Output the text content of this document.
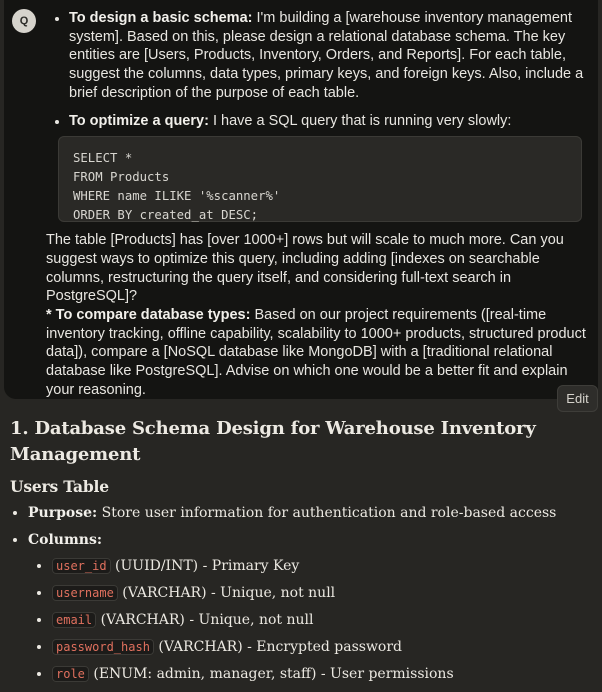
Q
•	To design a basic schema: I'm building a [warehouse inventory management system]. Based on this, please design a relational database schema. The key entities are [Users, Products, Inventory, Orders, and Reports]. For each table, suggest the columns, data types, primary keys, and foreign keys. Also, include a brief description of the purpose of each table.
• To optimize a query: I have a SQL query that is running very slowly:
SELECT *
FROM Products
WHERE name ILIKE '%scanner%'
ORDER BY created_at DESC;
The table [Products] has [over 1000+] rows but will scale to much more. Can you suggest ways to optimize this query, including adding [indexes on searchable columns, restructuring the query itself, and considering full-text search in PostgreSQL]?
* To compare database types: Based on our project requirements ([real-time inventory tracking, offline capability, scalability to 1000+ products, structured product data]), compare a [NoSQL database like MongoDB] with a [traditional relational database like PostgreSQL]. Advise on which one would be a better fit and explain your reasoning.
Edit
1. Database Schema Design for Warehouse Inventory Management
Users Table
• Purpose: Store user information for authentication and role-based access
• Columns:
• user_id (UUID/INT) - Primary Key
• username (VARCHAR) - Unique, not null
• email (VARCHAR) - Unique, not null
• password_hash (VARCHAR) - Encrypted password
• role (ENUM: admin, manager, staff) - User permissions
